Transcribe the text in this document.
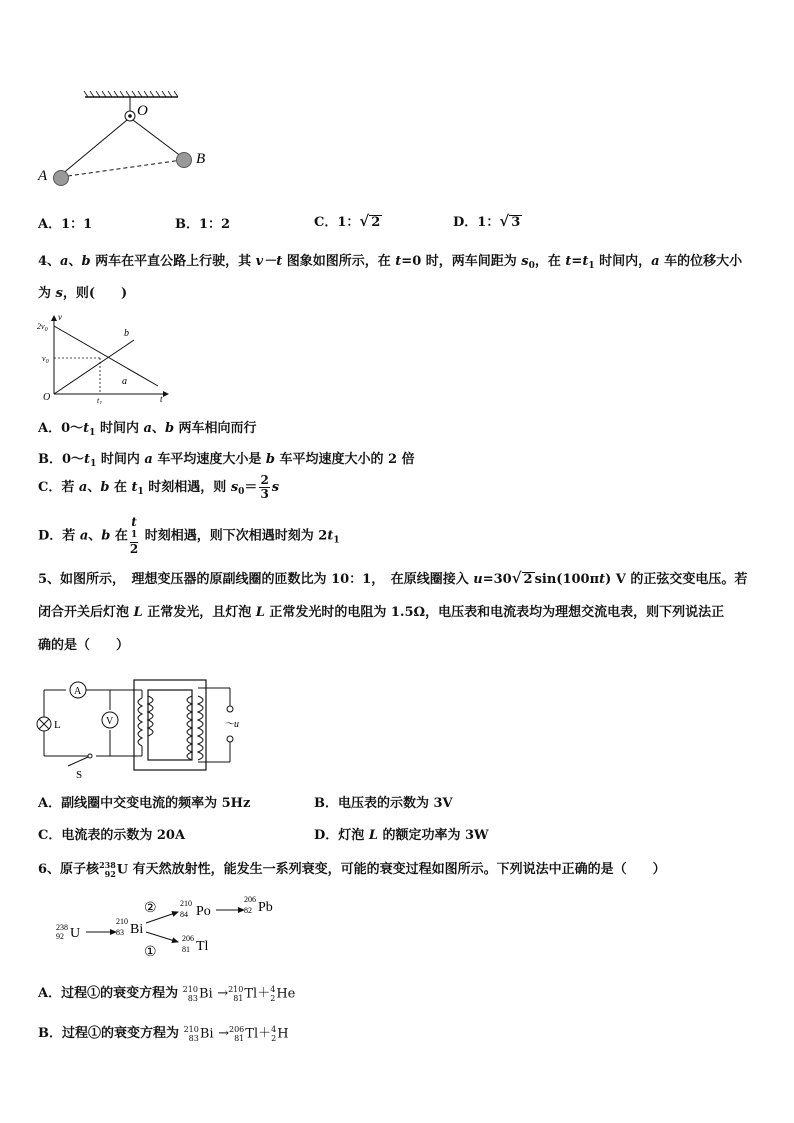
O
A
B
A．1：1	B．1：2	C．1：√ 2	D．1：√ 3
4、a、b 两车在平直公路上行驶，其 v－t 图象如图所示，在 t=0 时，两车间距为 $s_0$，在 $t=t_1$ 时间内，a 车的位移大小
为 s，则(　　)
v
t
O
$2v_0$
$v_0$
$t_1$
a
b
A．$0\sim t_1$ 时间内 a、b 两车相向而行
B．$0\sim t_1$ 时间内 a 车平均速度大小是 b 车平均速度大小的 2 倍
C．若 a、b 在 $t_1$ 时刻相遇，则 $s_0= \frac{2}{3}$ s
D．若 a、b 在 t
1
2 时刻相遇，则下次相遇时刻为 $2t_1$
5、如图所示，　理想变压器的原副线圈的匝数比为 10：1，　在原线圈接入 u=30√ 2 sin(100πt) V 的正弦交变电压。若
闭合开关后灯泡 L 正常发光，且灯泡 L 正常发光时的电阻为 1.5Ω，电压表和电流表均为理想交流电表，则下列说法正
确的是（　　）
A
V
L
S
～u
A．副线圈中交变电流的频率为 5Hz	B．电压表的示数为 3V
C．电流表的示数为 20A	D．灯泡 L 的额定功率为 3W
6、原子核 238
92 U 有天然放射性，能发生一系列衰变，可能的衰变过程如图所示。下列说法中正确的是（　　）
238
92 U
210
83 Bi
②
①
210
84 Po
206
82 Pb
206
81 Tl
A．过程①的衰变方程为 210
83 Bi → 210
81 Tl＋ 4
2 He
B．过程①的衰变方程为 210
83 Bi → 206
81 Tl＋ 4
2 H
